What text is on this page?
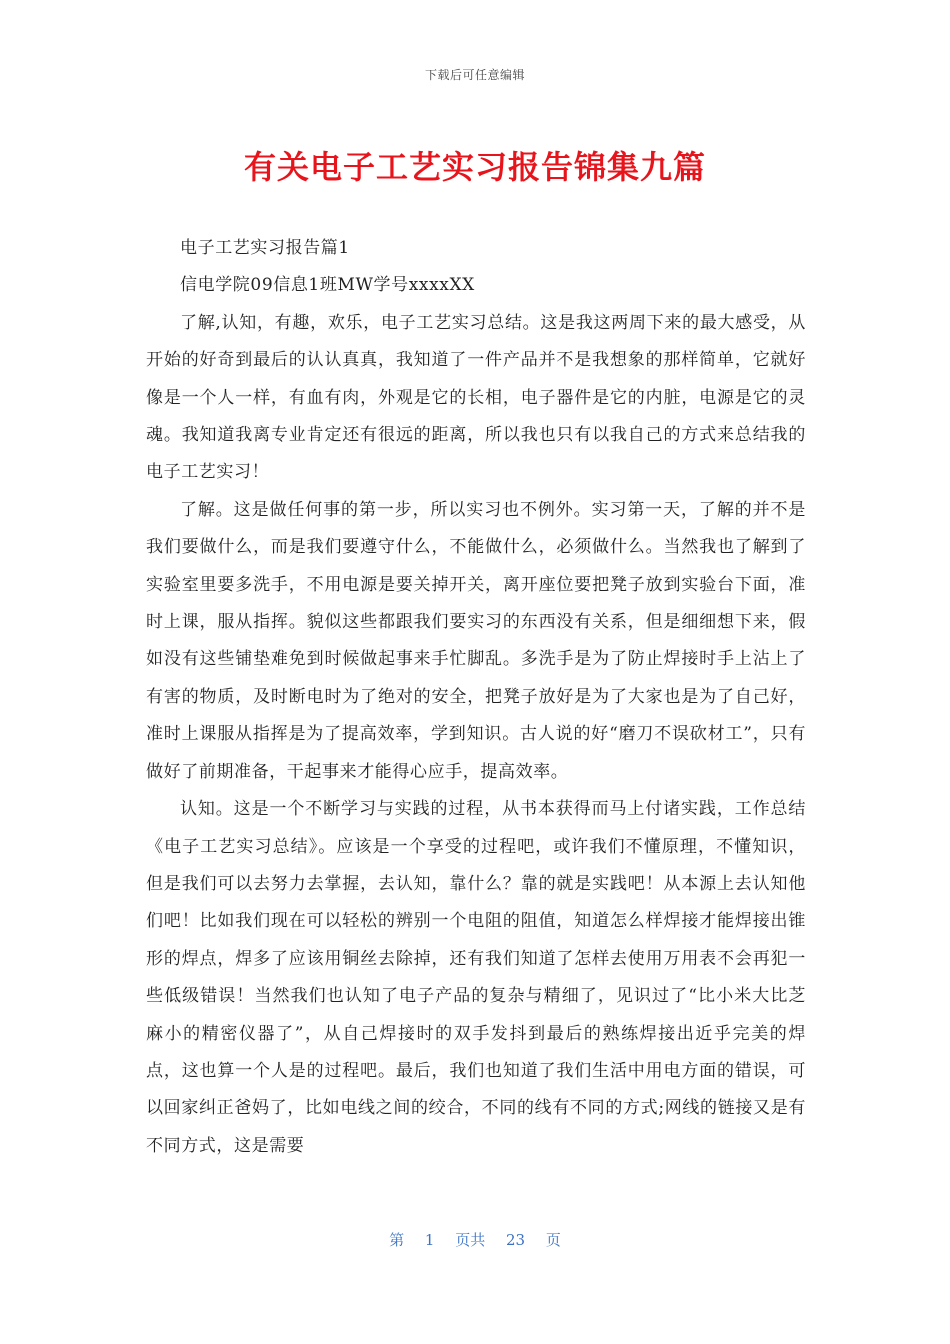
下载后可任意编辑
有关电子工艺实习报告锦集九篇

电子工艺实习报告篇1

信电学院09信息1班MW学号xxxxXX

了解,认知，有趣，欢乐，电子工艺实习总结。这是我这两周下来的最大感受，从开始的好奇到最后的认认真真，我知道了一件产品并不是我想象的那样简单，它就好像是一个人一样，有血有肉，外观是它的长相，电子器件是它的内脏，电源是它的灵魂。我知道我离专业肯定还有很远的距离，所以我也只有以我自己的方式来总结我的电子工艺实习！

了解。这是做任何事的第一步，所以实习也不例外。实习第一天，了解的并不是我们要做什么，而是我们要遵守什么，不能做什么，必须做什么。当然我也了解到了实验室里要多洗手，不用电源是要关掉开关，离开座位要把凳子放到实验台下面，准时上课，服从指挥。貌似这些都跟我们要实习的东西没有关系，但是细细想下来，假如没有这些铺垫难免到时候做起事来手忙脚乱。多洗手是为了防止焊接时手上沾上了有害的物质，及时断电时为了绝对的安全，把凳子放好是为了大家也是为了自己好，准时上课服从指挥是为了提高效率，学到知识。古人说的好“磨刀不误砍材工”，只有做好了前期准备，干起事来才能得心应手，提高效率。

认知。这是一个不断学习与实践的过程，从书本获得而马上付诸实践，工作总结《电子工艺实习总结》。应该是一个享受的过程吧，或许我们不懂原理，不懂知识，但是我们可以去努力去掌握，去认知，靠什么？靠的就是实践吧！从本源上去认知他们吧！比如我们现在可以轻松的辨别一个电阻的阻值，知道怎么样焊接才能焊接出锥形的焊点，焊多了应该用铜丝去除掉，还有我们知道了怎样去使用万用表不会再犯一些低级错误！当然我们也认知了电子产品的复杂与精细了，见识过了“比小米大比芝麻小的精密仪器了”，从自己焊接时的双手发抖到最后的熟练焊接出近乎完美的焊点，这也算一个人是的过程吧。最后，我们也知道了我们生活中用电方面的错误，可以回家纠正爸妈了，比如电线之间的绞合，不同的线有不同的方式;网线的链接又是有不同方式，这是需要

第 1 页共 23 页
